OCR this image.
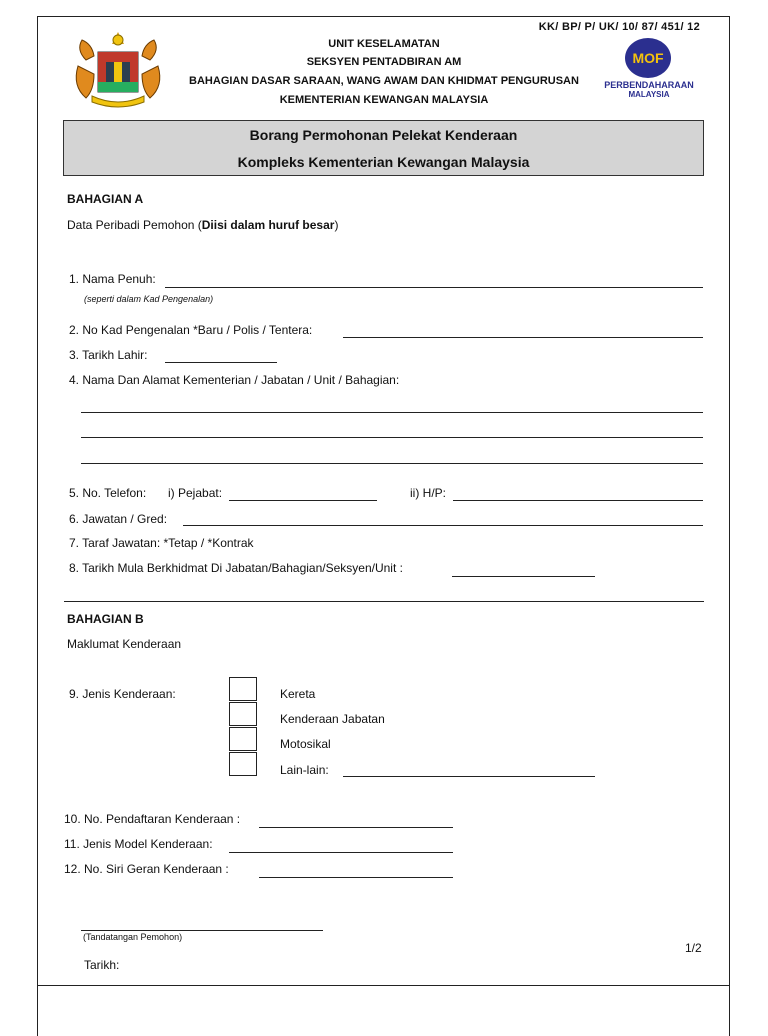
KK/ BP/ P/ UK/ 10/ 87/ 451/ 12
UNIT KESELAMATAN
SEKSYEN PENTADBIRAN AM
BAHAGIAN DASAR SARAAN, WANG AWAM DAN KHIDMAT PENGURUSAN
KEMENTERIAN KEWANGAN MALAYSIA
MOF
PERBENDAHARAAN
MALAYSIA
Borang Permohonan Pelekat Kenderaan
Kompleks Kementerian Kewangan Malaysia
BAHAGIAN A
Data Peribadi Pemohon (Diisi dalam huruf besar)
1. Nama Penuh:
(seperti dalam Kad Pengenalan)
2. No Kad Pengenalan *Baru / Polis / Tentera:
3. Tarikh Lahir:
4. Nama Dan Alamat Kementerian / Jabatan / Unit / Bahagian:
5. No. Telefon: i) Pejabat:	ii) H/P:
6. Jawatan / Gred:
7. Taraf Jawatan: *Tetap / *Kontrak
8. Tarikh Mula Berkhidmat Di Jabatan/Bahagian/Seksyen/Unit :
BAHAGIAN B
Maklumat Kenderaan
9. Jenis Kenderaan:	Kereta
Kenderaan Jabatan
Motosikal
Lain-lain:
10. No. Pendaftaran Kenderaan :
11. Jenis Model Kenderaan:
12. No. Siri Geran Kenderaan :
(Tandatangan Pemohon)
1/2
Tarikh:
